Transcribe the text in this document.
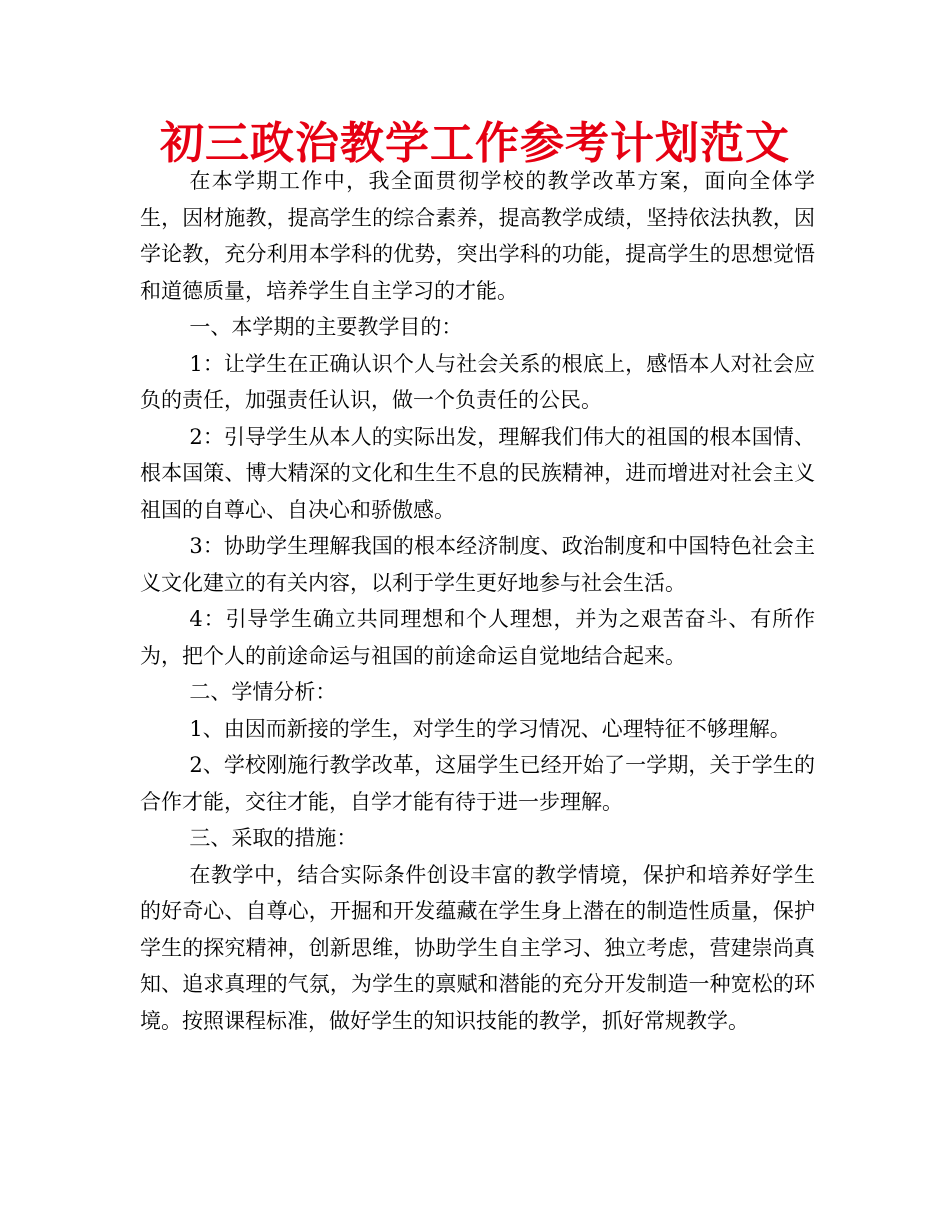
初三政治教学工作参考计划范文

在本学期工作中，我全面贯彻学校的教学改革方案，面向全体学生，因材施教，提高学生的综合素养，提高教学成绩，坚持依法执教，因学论教，充分利用本学科的优势，突出学科的功能，提高学生的思想觉悟和道德质量，培养学生自主学习的才能。

一、本学期的主要教学目的：

1：让学生在正确认识个人与社会关系的根底上，感悟本人对社会应负的责任，加强责任认识，做一个负责任的公民。

2：引导学生从本人的实际出发，理解我们伟大的祖国的根本国情、根本国策、博大精深的文化和生生不息的民族精神，进而增进对社会主义祖国的自尊心、自决心和骄傲感。

3：协助学生理解我国的根本经济制度、政治制度和中国特色社会主义文化建立的有关内容，以利于学生更好地参与社会生活。

4：引导学生确立共同理想和个人理想，并为之艰苦奋斗、有所作为，把个人的前途命运与祖国的前途命运自觉地结合起来。

二、学情分析：

1、由因而新接的学生，对学生的学习情况、心理特征不够理解。

2、学校刚施行教学改革，这届学生已经开始了一学期，关于学生的合作才能，交往才能，自学才能有待于进一步理解。

三、采取的措施：

在教学中，结合实际条件创设丰富的教学情境，保护和培养好学生的好奇心、自尊心，开掘和开发蕴藏在学生身上潜在的制造性质量，保护学生的探究精神，创新思维，协助学生自主学习、独立考虑，营建崇尚真知、追求真理的气氛，为学生的禀赋和潜能的充分开发制造一种宽松的环境。按照课程标准，做好学生的知识技能的教学，抓好常规教学。
